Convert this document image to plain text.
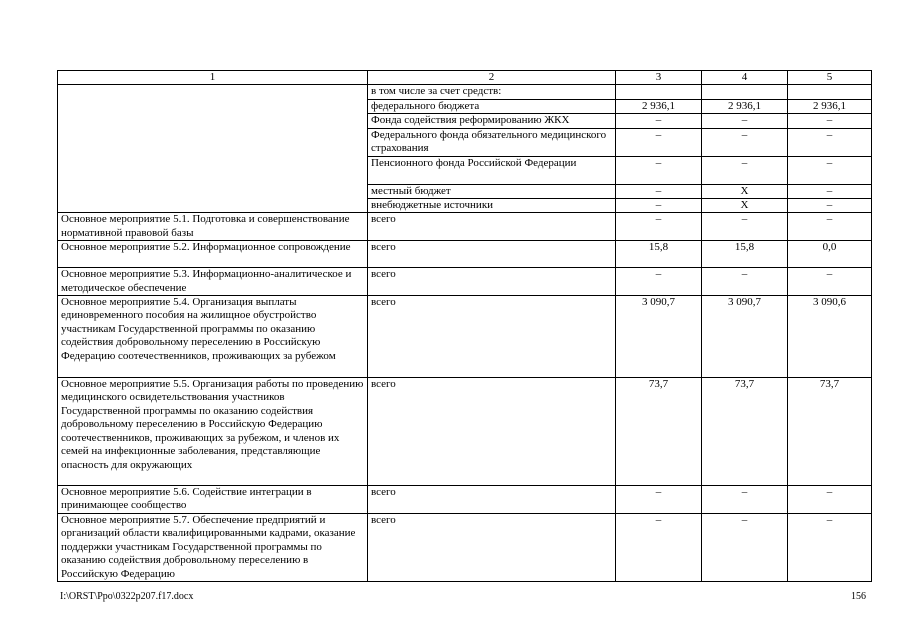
1	2	3	4	5
	в том числе за счет средств:			
	федерального бюджета	2 936,1	2 936,1	2 936,1
	Фонда содействия реформированию ЖКХ	–	–	–
	Федерального фонда обязательного медицинского страхования	–	–	–
	Пенсионного фонда Российской Федерации	–	–	–
	местный бюджет	–	Х	–
	внебюджетные источники	–	Х	–
Основное мероприятие 5.1. Подготовка и совершенствование нормативной правовой базы	всего	–	–	–
Основное мероприятие 5.2. Информационное сопровождение	всего	15,8	15,8	0,0
Основное мероприятие 5.3. Информационно-аналитическое и методическое обеспечение	всего	–	–	–
Основное мероприятие 5.4. Организация выплаты единовременного пособия на жилищное обустройство участникам Государственной программы по оказанию содействия добровольному переселению в Российскую Федерацию соотечественников, проживающих за рубежом	всего	3 090,7	3 090,7	3 090,6
Основное мероприятие 5.5. Организация работы по проведению медицинского освидетельствования участников Государственной программы по оказанию содействия добровольному переселению в Российскую Федерацию соотечественников, проживающих за рубежом, и членов их семей на инфекционные заболевания, представляющие опасность для окружающих	всего	73,7	73,7	73,7
Основное мероприятие 5.6. Содействие интеграции в принимающее сообщество	всего	–	–	–
Основное мероприятие 5.7. Обеспечение предприятий и организаций области квалифицированными кадрами, оказание поддержки участникам Государственной программы по оказанию содействия добровольному переселению в Российскую Федерацию	всего	–	–	–
I:\ORST\Ppo\0322p207.f17.docx	156
